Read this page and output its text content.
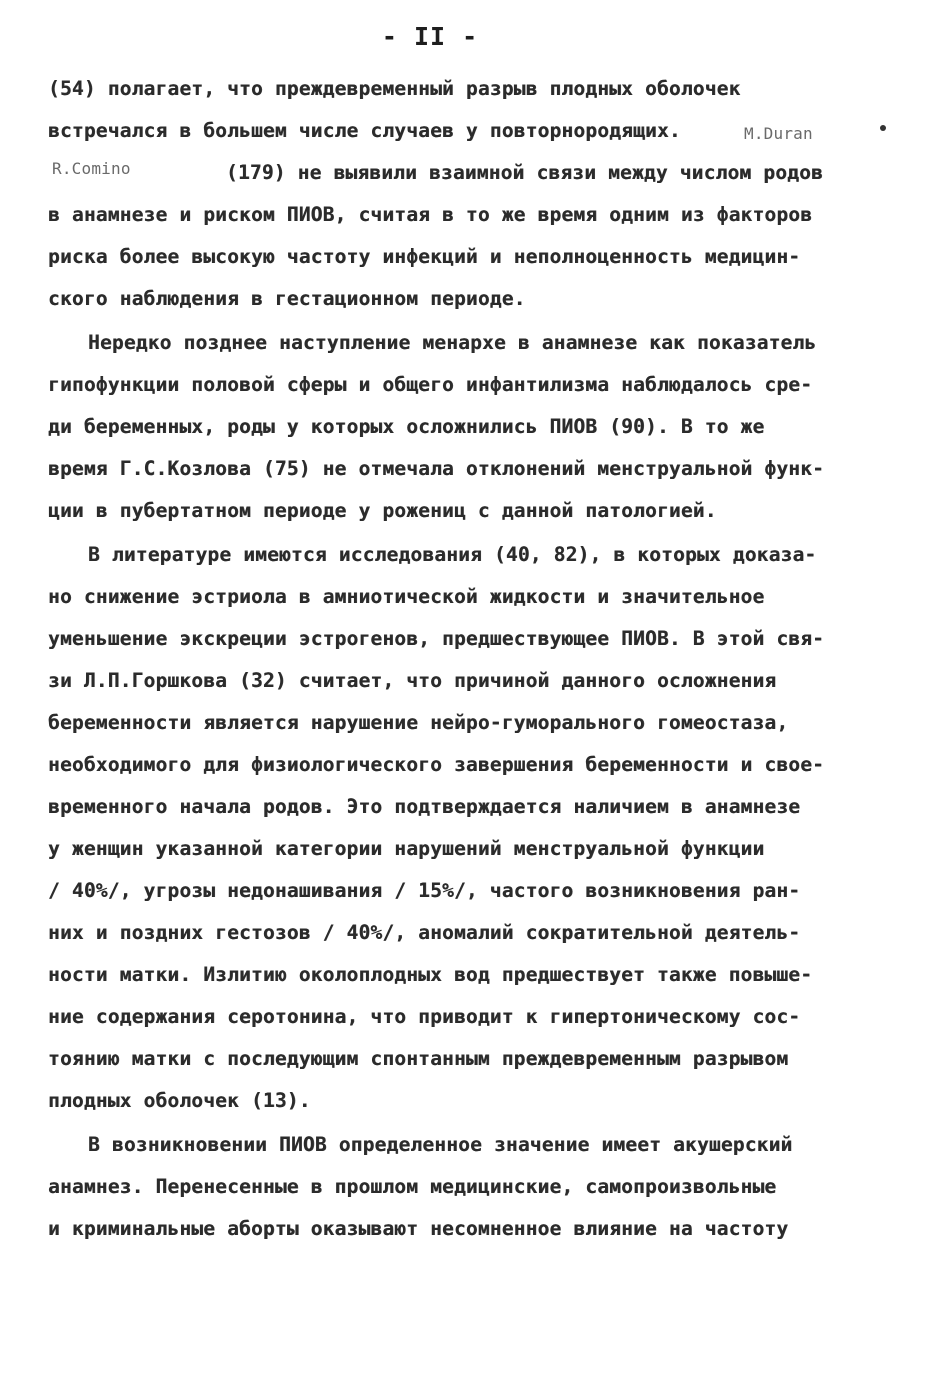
- II -
(54) полагает, что преждевременный разрыв плодных оболочек
встречался в большем числе случаев у повторнородящих.	M.Duran
R.Comino	(179) не выявили взаимной связи между числом родов
в анамнезе и риском ПИОВ, считая в то же время одним из факторов
риска более высокую частоту инфекций и неполноценность медицин-
ского наблюдения в гестационном периоде.
Нередко позднее наступление менархе в анамнезе как показатель
гипофункции половой сферы и общего инфантилизма наблюдалось сре-
ди беременных, роды у которых осложнились ПИОВ (90). В то же
время Г.С.Козлова (75) не отмечала отклонений менструальной функ-
ции в пубертатном периоде у рожениц с данной патологией.
В литературе имеются исследования (40, 82), в которых доказа-
но снижение эстриола в амниотической жидкости и значительное
уменьшение экскреции эстрогенов, предшествующее ПИОВ. В этой свя-
зи Л.П.Горшкова (32) считает, что причиной данного осложнения
беременности является нарушение нейро-гуморального гомеостаза,
необходимого для физиологического завершения беременности и свое-
временного начала родов. Это подтверждается наличием в анамнезе
у женщин указанной категории нарушений менструальной функции
/ 40%/, угрозы недонашивания / 15%/, частого возникновения ран-
них и поздних гестозов / 40%/, аномалий сократительной деятель-
ности матки. Излитию околоплодных вод предшествует также повыше-
ние содержания серотонина, что приводит к гипертоническому сос-
тоянию матки с последующим спонтанным преждевременным разрывом
плодных оболочек (13).
В возникновении ПИОВ определенное значение имеет акушерский
анамнез. Перенесенные в прошлом медицинские, самопроизвольные
и криминальные аборты оказывают несомненное влияние на частоту
